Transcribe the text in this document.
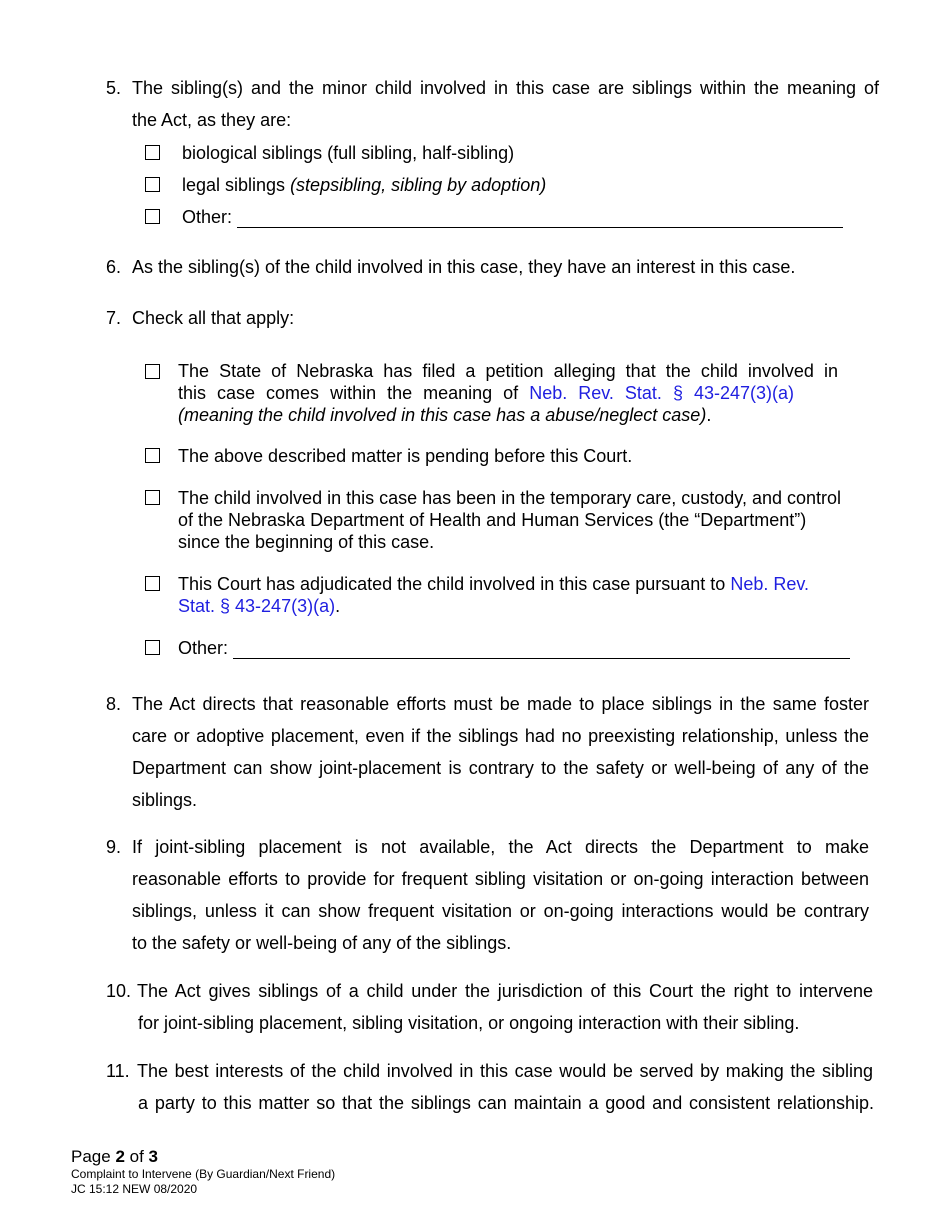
5. The sibling(s) and the minor child involved in this case are siblings within the meaning of
the Act, as they are:
biological siblings (full sibling, half-sibling)
legal siblings (stepsibling, sibling by adoption)
Other:
6. As the sibling(s) of the child involved in this case, they have an interest in this case.
7. Check all that apply:
The State of Nebraska has filed a petition alleging that the child involved in
this case comes within the meaning of Neb. Rev. Stat. § 43-247(3)(a)
(meaning the child involved in this case has a abuse/neglect case).
The above described matter is pending before this Court.
The child involved in this case has been in the temporary care, custody, and control
of the Nebraska Department of Health and Human Services (the “Department”)
since the beginning of this case.
This Court has adjudicated the child involved in this case pursuant to Neb. Rev.
Stat. § 43-247(3)(a).
Other:
8. The Act directs that reasonable efforts must be made to place siblings in the same foster
care or adoptive placement, even if the siblings had no preexisting relationship, unless the
Department can show joint-placement is contrary to the safety or well-being of any of the
siblings.
9. If joint-sibling placement is not available, the Act directs the Department to make
reasonable efforts to provide for frequent sibling visitation or on-going interaction between
siblings, unless it can show frequent visitation or on-going interactions would be contrary
to the safety or well-being of any of the siblings.
10. The Act gives siblings of a child under the jurisdiction of this Court the right to intervene
for joint-sibling placement, sibling visitation, or ongoing interaction with their sibling.
11. The best interests of the child involved in this case would be served by making the sibling
a party to this matter so that the siblings can maintain a good and consistent relationship.
Page 2 of 3
Complaint to Intervene (By Guardian/Next Friend)
JC 15:12 NEW 08/2020
